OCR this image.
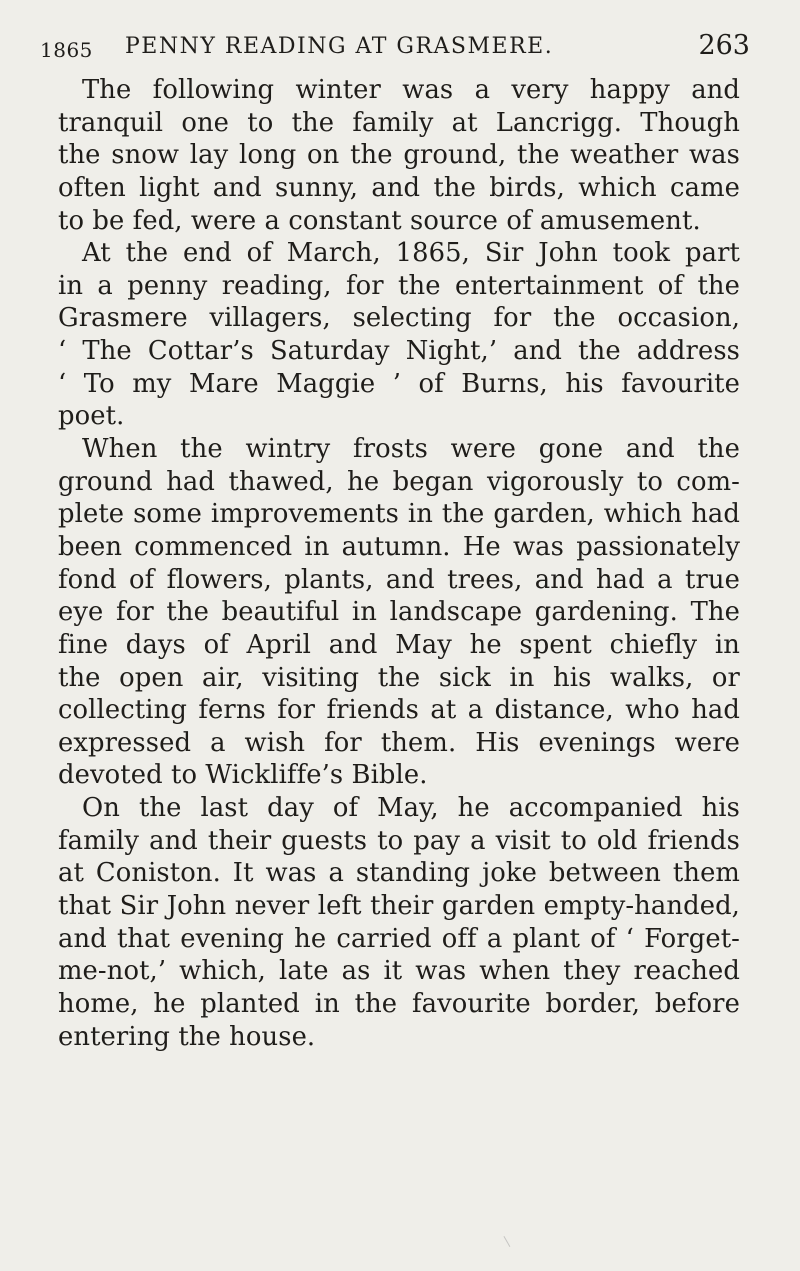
1865 PENNY READING AT GRASMERE.	263
The following winter was a very happy and
tranquil one to the family at Lancrigg. Though
the snow lay long on the ground, the weather was
often light and sunny, and the birds, which came
to be fed, were a constant source of amusement.
At the end of March, 1865, Sir John took part
in a penny reading, for the entertainment of the
Grasmere villagers, selecting for the occasion,
‘ The Cottar’s Saturday Night,’ and the address
‘ To my Mare Maggie ’ of Burns, his favourite
poet.
When the wintry frosts were gone and the
ground had thawed, he began vigorously to com-
plete some improvements in the garden, which had
been commenced in autumn. He was passionately
fond of flowers, plants, and trees, and had a true
eye for the beautiful in landscape gardening. The
fine days of April and May he spent chiefly in
the open air, visiting the sick in his walks, or
collecting ferns for friends at a distance, who had
expressed a wish for them. His evenings were
devoted to Wickliffe’s Bible.
On the last day of May, he accompanied his
family and their guests to pay a visit to old friends
at Coniston. It was a standing joke between them
that Sir John never left their garden empty-handed,
and that evening he carried off a plant of ‘ Forget-
me-not,’ which, late as it was when they reached
home, he planted in the favourite border, before
entering the house.
